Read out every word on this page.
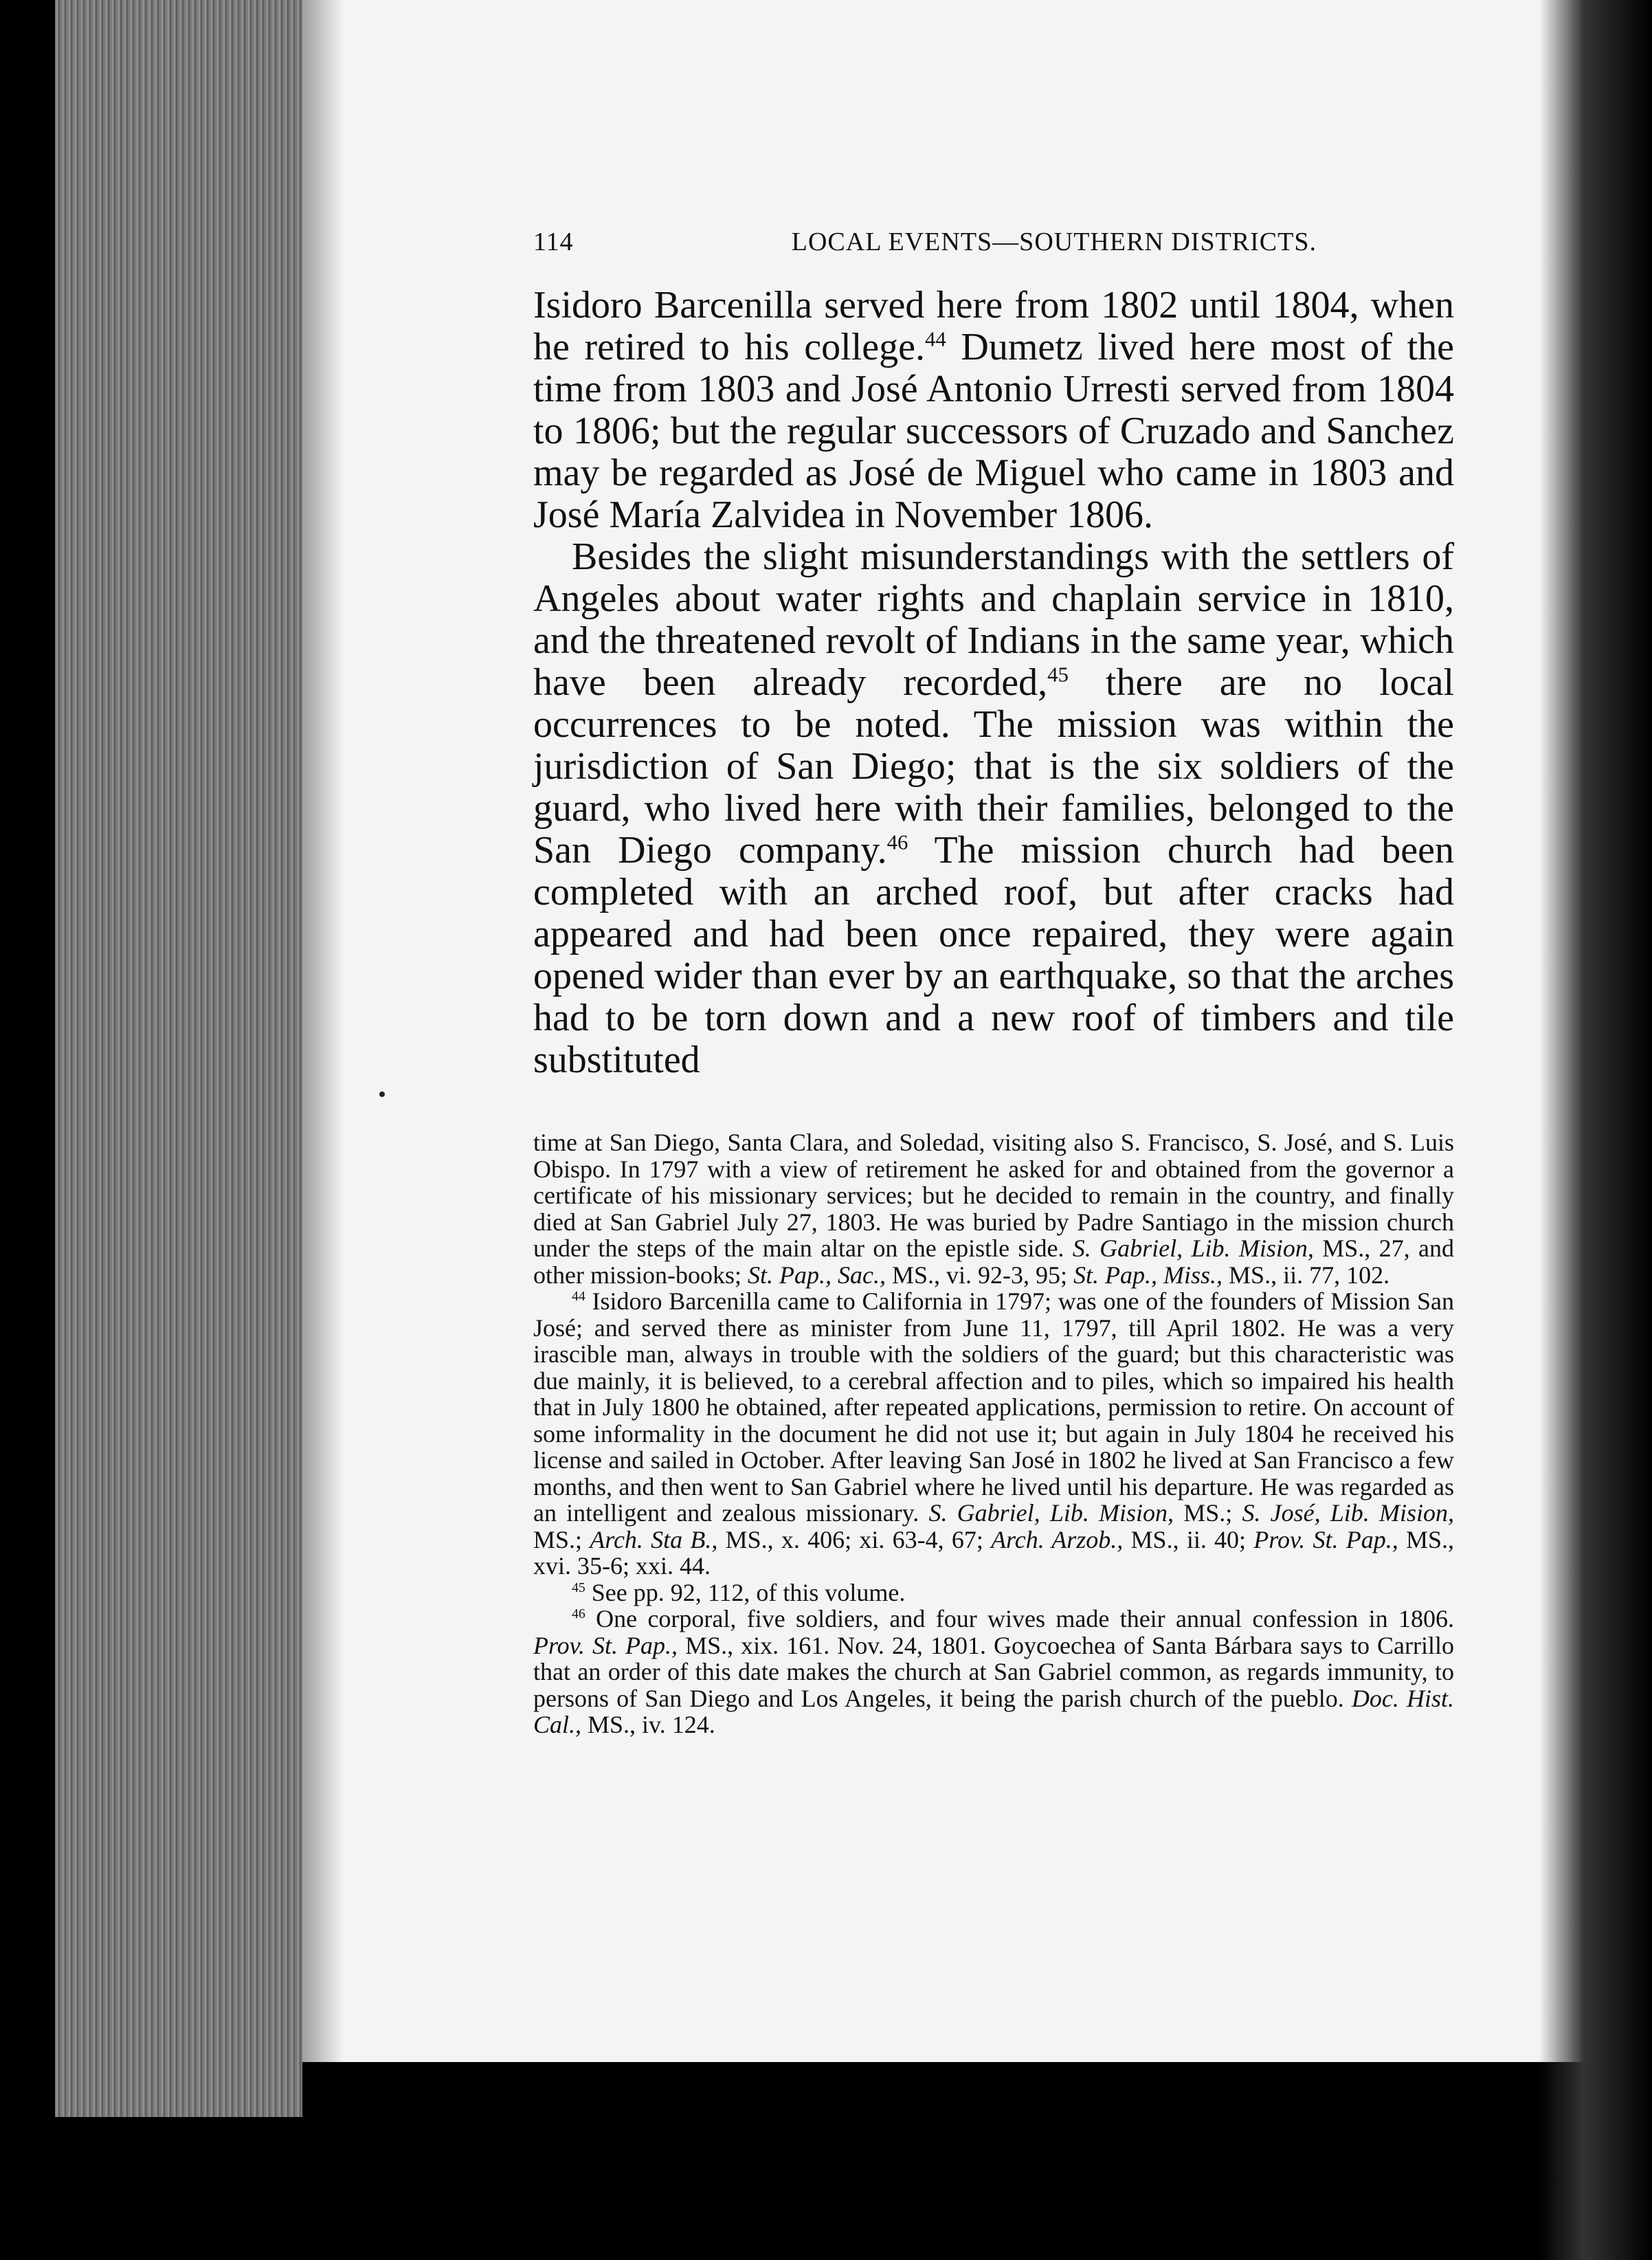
114	LOCAL EVENTS—SOUTHERN DISTRICTS.

Isidoro Barcenilla served here from 1802 until 1804, when he retired to his college.$^{44}$ Dumetz lived here most of the time from 1803 and José Antonio Urresti served from 1804 to 1806; but the regular successors of Cruzado and Sanchez may be regarded as José de Miguel who came in 1803 and José María Zalvidea in November 1806.

Besides the slight misunderstandings with the settlers of Angeles about water rights and chaplain service in 1810, and the threatened revolt of Indians in the same year, which have been already recorded,$^{45}$ there are no local occurrences to be noted. The mission was within the jurisdiction of San Diego; that is the six soldiers of the guard, who lived here with their families, belonged to the San Diego company.$^{46}$ The mission church had been completed with an arched roof, but after cracks had appeared and had been once repaired, they were again opened wider than ever by an earthquake, so that the arches had to be torn down and a new roof of timbers and tile substituted

time at San Diego, Santa Clara, and Soledad, visiting also S. Francisco, S. José, and S. Luis Obispo. In 1797 with a view of retirement he asked for and obtained from the governor a certificate of his missionary services; but he decided to remain in the country, and finally died at San Gabriel July 27, 1803. He was buried by Padre Santiago in the mission church under the steps of the main altar on the epistle side. S. Gabriel, Lib. Mision, MS., 27, and other mission-books; St. Pap., Sac., MS., vi. 92-3, 95; St. Pap., Miss., MS., ii. 77, 102.

$^{44}$ Isidoro Barcenilla came to California in 1797; was one of the founders of Mission San José; and served there as minister from June 11, 1797, till April 1802. He was a very irascible man, always in trouble with the soldiers of the guard; but this characteristic was due mainly, it is believed, to a cerebral affection and to piles, which so impaired his health that in July 1800 he obtained, after repeated applications, permission to retire. On account of some informality in the document he did not use it; but again in July 1804 he received his license and sailed in October. After leaving San José in 1802 he lived at San Francisco a few months, and then went to San Gabriel where he lived until his departure. He was regarded as an intelligent and zealous missionary. S. Gabriel, Lib. Mision, MS.; S. José, Lib. Mision, MS.; Arch. Sta B., MS., x. 406; xi. 63-4, 67; Arch. Arzob., MS., ii. 40; Prov. St. Pap., MS., xvi. 35-6; xxi. 44.

$^{45}$ See pp. 92, 112, of this volume.

$^{46}$ One corporal, five soldiers, and four wives made their annual confession in 1806. Prov. St. Pap., MS., xix. 161. Nov. 24, 1801. Goycoechea of Santa Bárbara says to Carrillo that an order of this date makes the church at San Gabriel common, as regards immunity, to persons of San Diego and Los Angeles, it being the parish church of the pueblo. Doc. Hist. Cal., MS., iv. 124.
